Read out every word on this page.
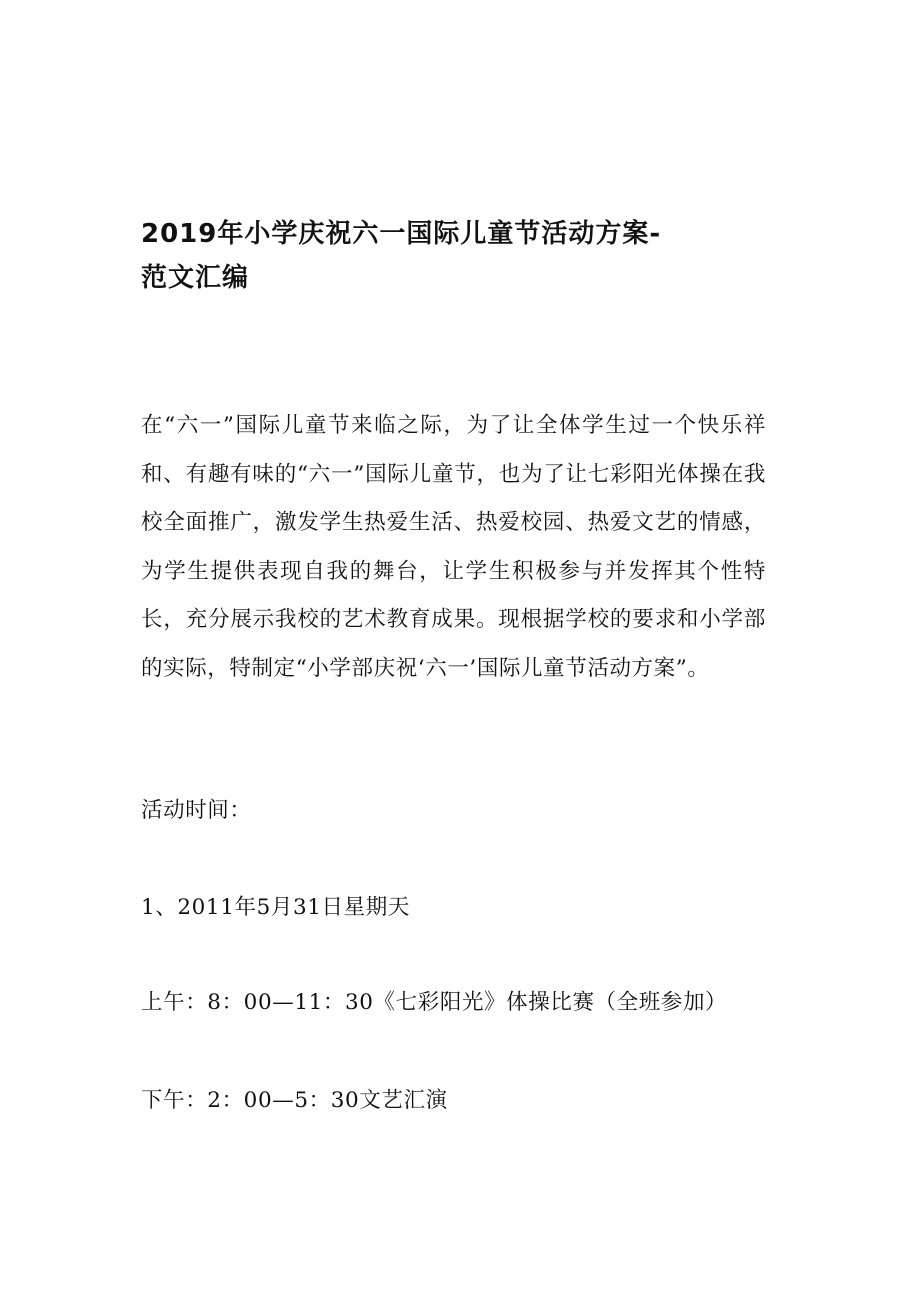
2019年小学庆祝六一国际儿童节活动方案-
范文汇编

在“六一”国际儿童节来临之际，为了让全体学生过一个快乐祥和、有趣有味的“六一”国际儿童节，也为了让七彩阳光体操在我校全面推广，激发学生热爱生活、热爱校园、热爱文艺的情感，为学生提供表现自我的舞台，让学生积极参与并发挥其个性特长，充分展示我校的艺术教育成果。现根据学校的要求和小学部的实际，特制定“小学部庆祝‘六一’国际儿童节活动方案”。

活动时间：

1、2011年5月31日星期天

上午：8：00—11：30《七彩阳光》体操比赛（全班参加）

下午：2：00—5：30文艺汇演
